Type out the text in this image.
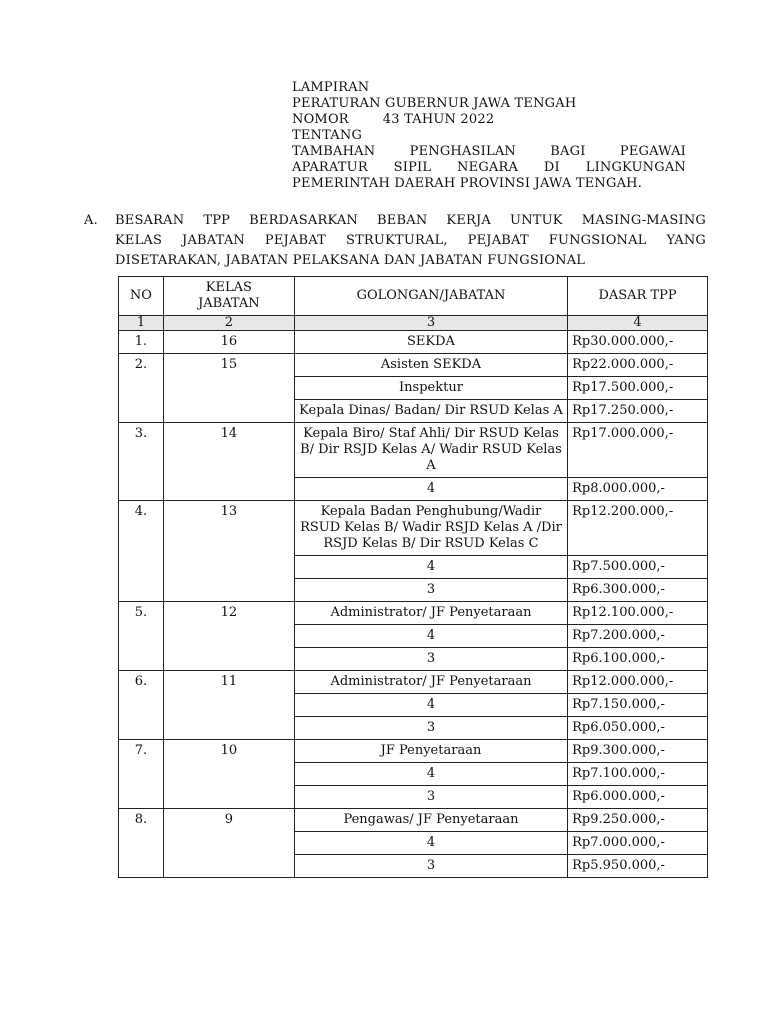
LAMPIRAN
PERATURAN GUBERNUR JAWA TENGAH
NOMOR	43 TAHUN 2022
TENTANG
TAMBAHAN PENGHASILAN BAGI PEGAWAI
APARATUR SIPIL NEGARA DI LINGKUNGAN
PEMERINTAH DAERAH PROVINSI JAWA TENGAH.
A. BESARAN TPP BERDASARKAN BEBAN KERJA UNTUK MASING-MASING
KELAS JABATAN PEJABAT STRUKTURAL, PEJABAT FUNGSIONAL YANG
DISETARAKAN, JABATAN PELAKSANA DAN JABATAN FUNGSIONAL
NO	KELAS JABATAN	GOLONGAN/JABATAN	DASAR TPP
1	2	3	4
1.	16	SEKDA	Rp30.000.000,-
2.	15	Asisten SEKDA	Rp22.000.000,-
		Inspektur	Rp17.500.000,-
		Kepala Dinas/ Badan/ Dir RSUD Kelas A	Rp17.250.000,-
3.	14	Kepala Biro/ Staf Ahli/ Dir RSUD Kelas B/ Dir RSJD Kelas A/ Wadir RSUD Kelas A	Rp17.000.000,-
		4	Rp8.000.000,-
4.	13	Kepala Badan Penghubung/Wadir RSUD Kelas B/ Wadir RSJD Kelas A /Dir RSJD Kelas B/ Dir RSUD Kelas C	Rp12.200.000,-
		4	Rp7.500.000,-
		3	Rp6.300.000,-
5.	12	Administrator/ JF Penyetaraan	Rp12.100.000,-
		4	Rp7.200.000,-
		3	Rp6.100.000,-
6.	11	Administrator/ JF Penyetaraan	Rp12.000.000,-
		4	Rp7.150.000,-
		3	Rp6.050.000,-
7.	10	JF Penyetaraan	Rp9.300.000,-
		4	Rp7.100.000,-
		3	Rp6.000.000,-
8.	9	Pengawas/ JF Penyetaraan	Rp9.250.000,-
		4	Rp7.000.000,-
		3	Rp5.950.000,-
